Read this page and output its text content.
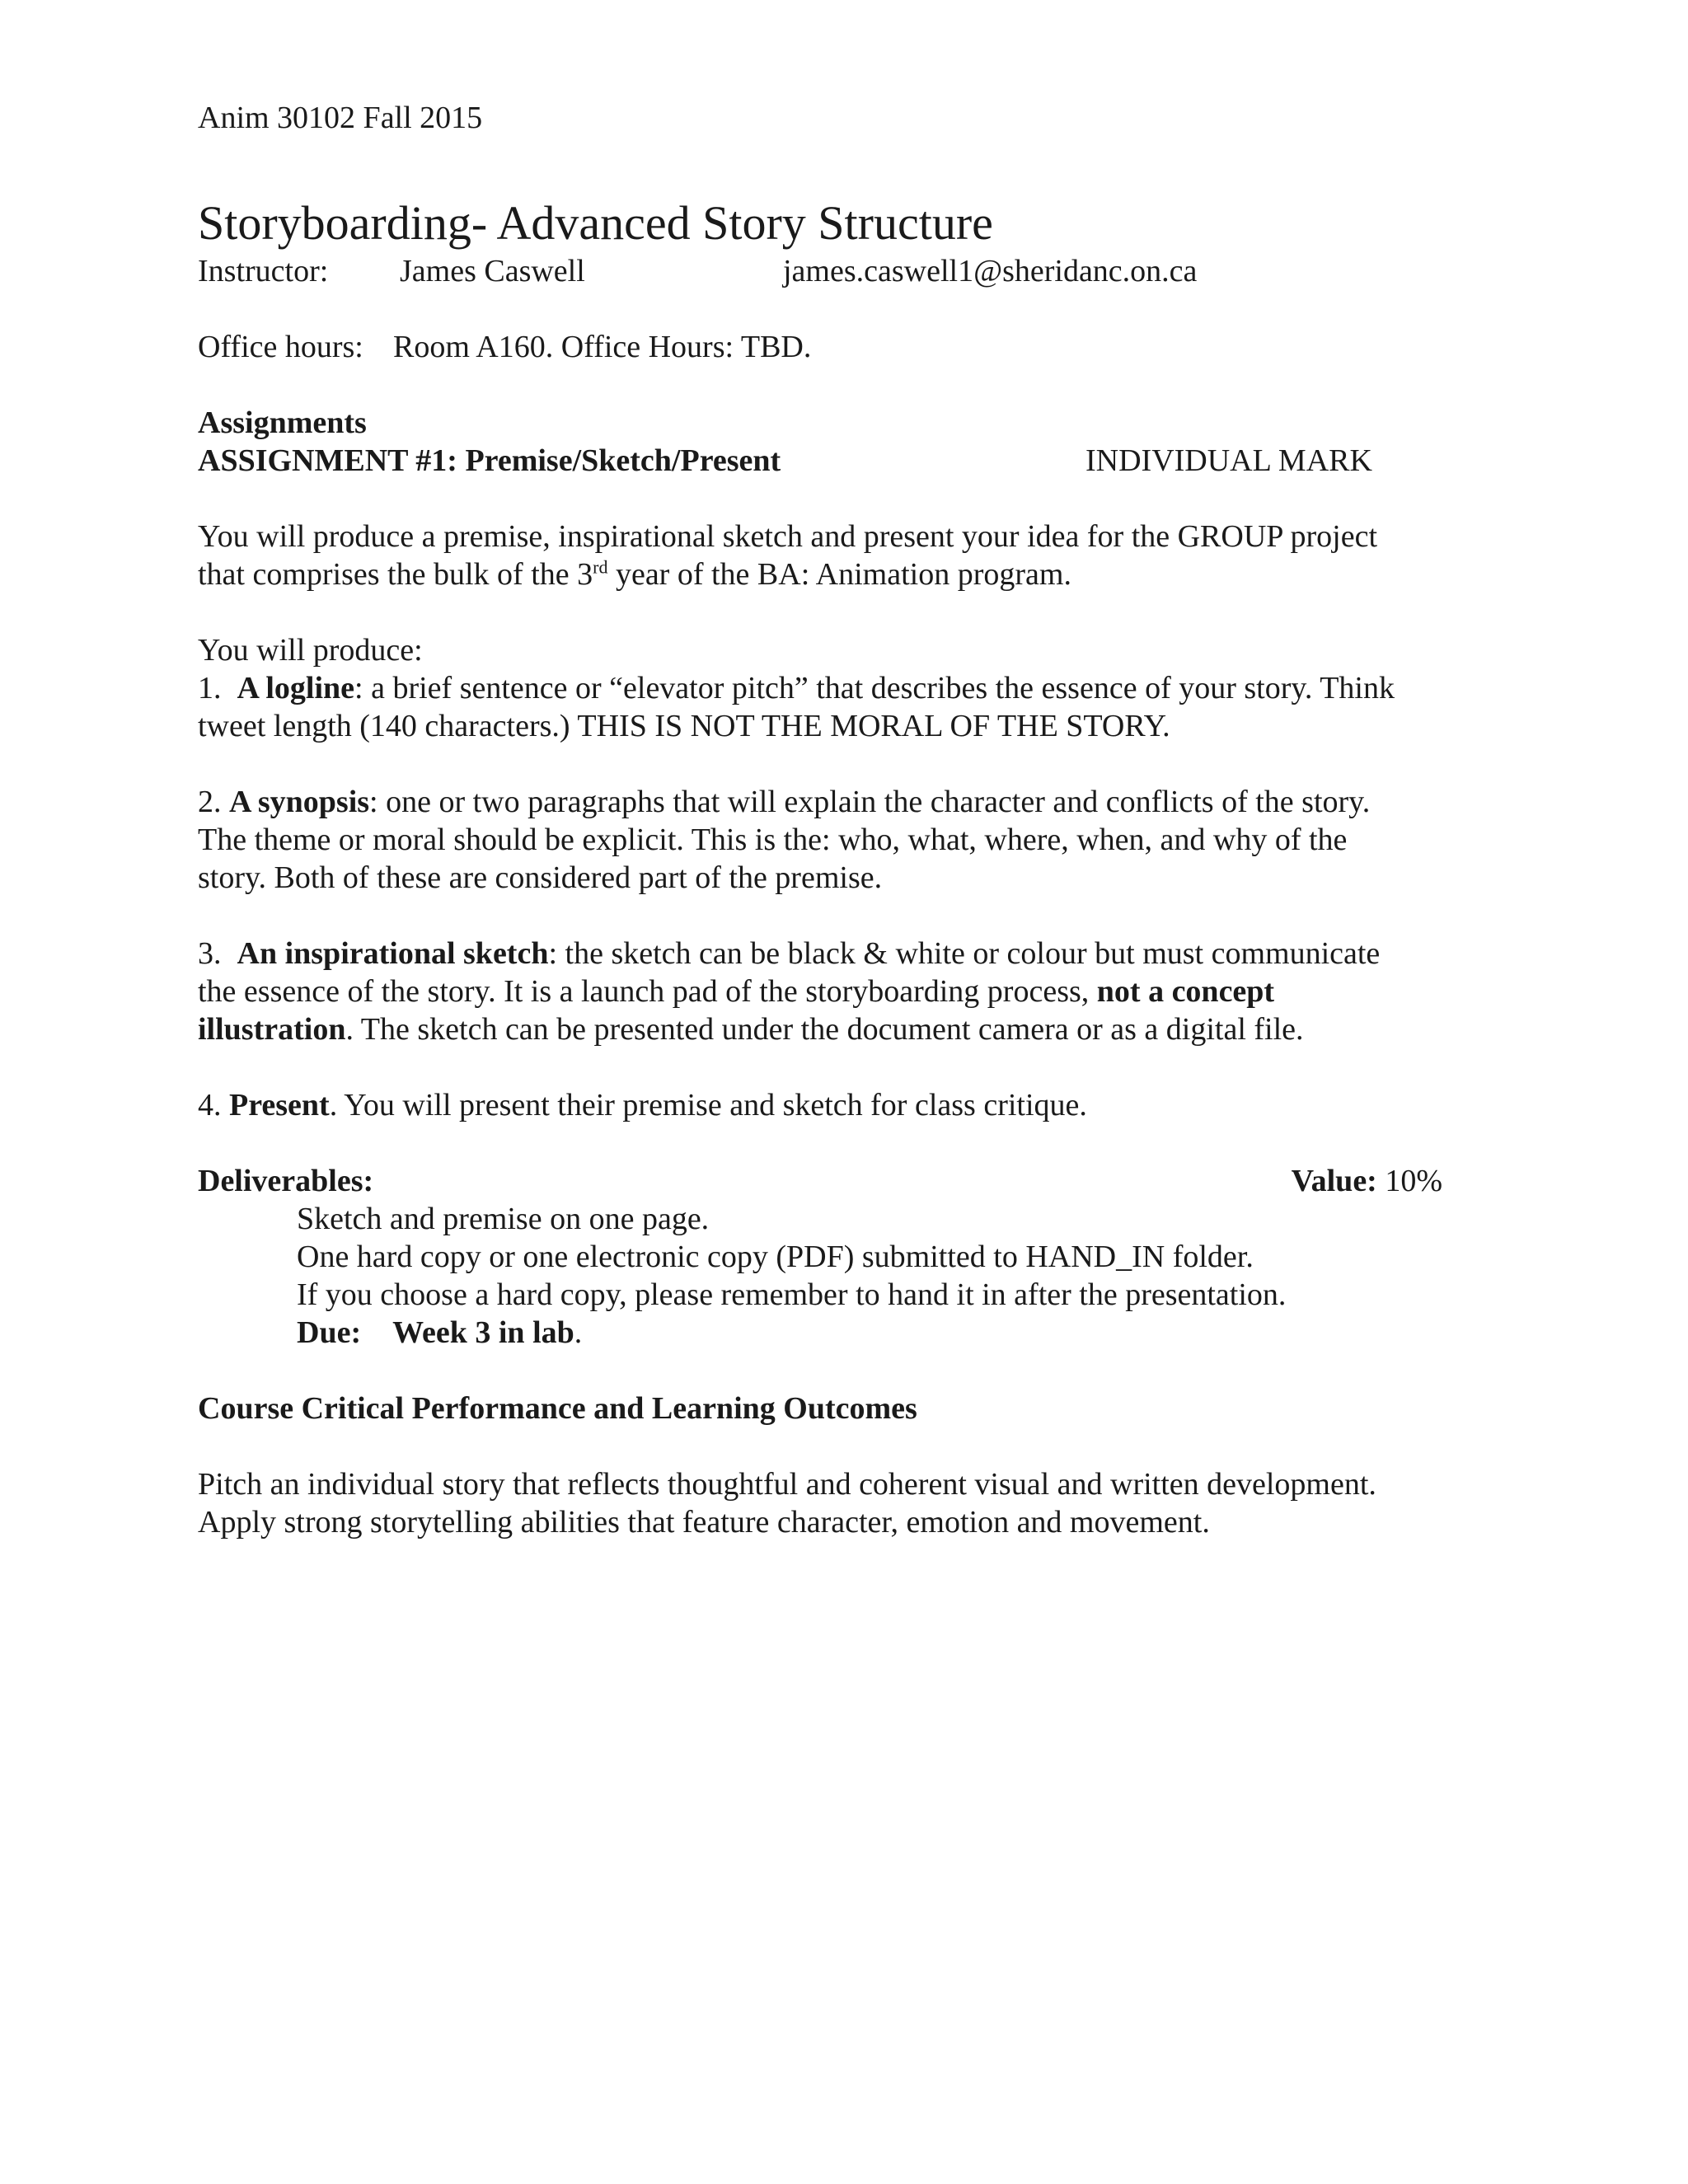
Anim 30102 Fall 2015
Storyboarding- Advanced Story Structure
Instructor: James Caswell	james.caswell1@sheridanc.on.ca
Office hours: Room A160. Office Hours: TBD.
Assignments
ASSIGNMENT #1: Premise/Sketch/Present	INDIVIDUAL MARK
You will produce a premise, inspirational sketch and present your idea for the GROUP project
that comprises the bulk of the 3rd year of the BA: Animation program.
You will produce:
1. A logline: a brief sentence or “elevator pitch” that describes the essence of your story. Think
tweet length (140 characters.) THIS IS NOT THE MORAL OF THE STORY.
2. A synopsis: one or two paragraphs that will explain the character and conflicts of the story.
The theme or moral should be explicit. This is the: who, what, where, when, and why of the
story. Both of these are considered part of the premise.
3. An inspirational sketch: the sketch can be black & white or colour but must communicate
the essence of the story. It is a launch pad of the storyboarding process, not a concept
illustration. The sketch can be presented under the document camera or as a digital file.
4. Present. You will present their premise and sketch for class critique.
Deliverables:	Value: 10%
Sketch and premise on one page.
One hard copy or one electronic copy (PDF) submitted to HAND_IN folder.
If you choose a hard copy, please remember to hand it in after the presentation.
Due: Week 3 in lab.
Course Critical Performance and Learning Outcomes
Pitch an individual story that reflects thoughtful and coherent visual and written development.
Apply strong storytelling abilities that feature character, emotion and movement.
